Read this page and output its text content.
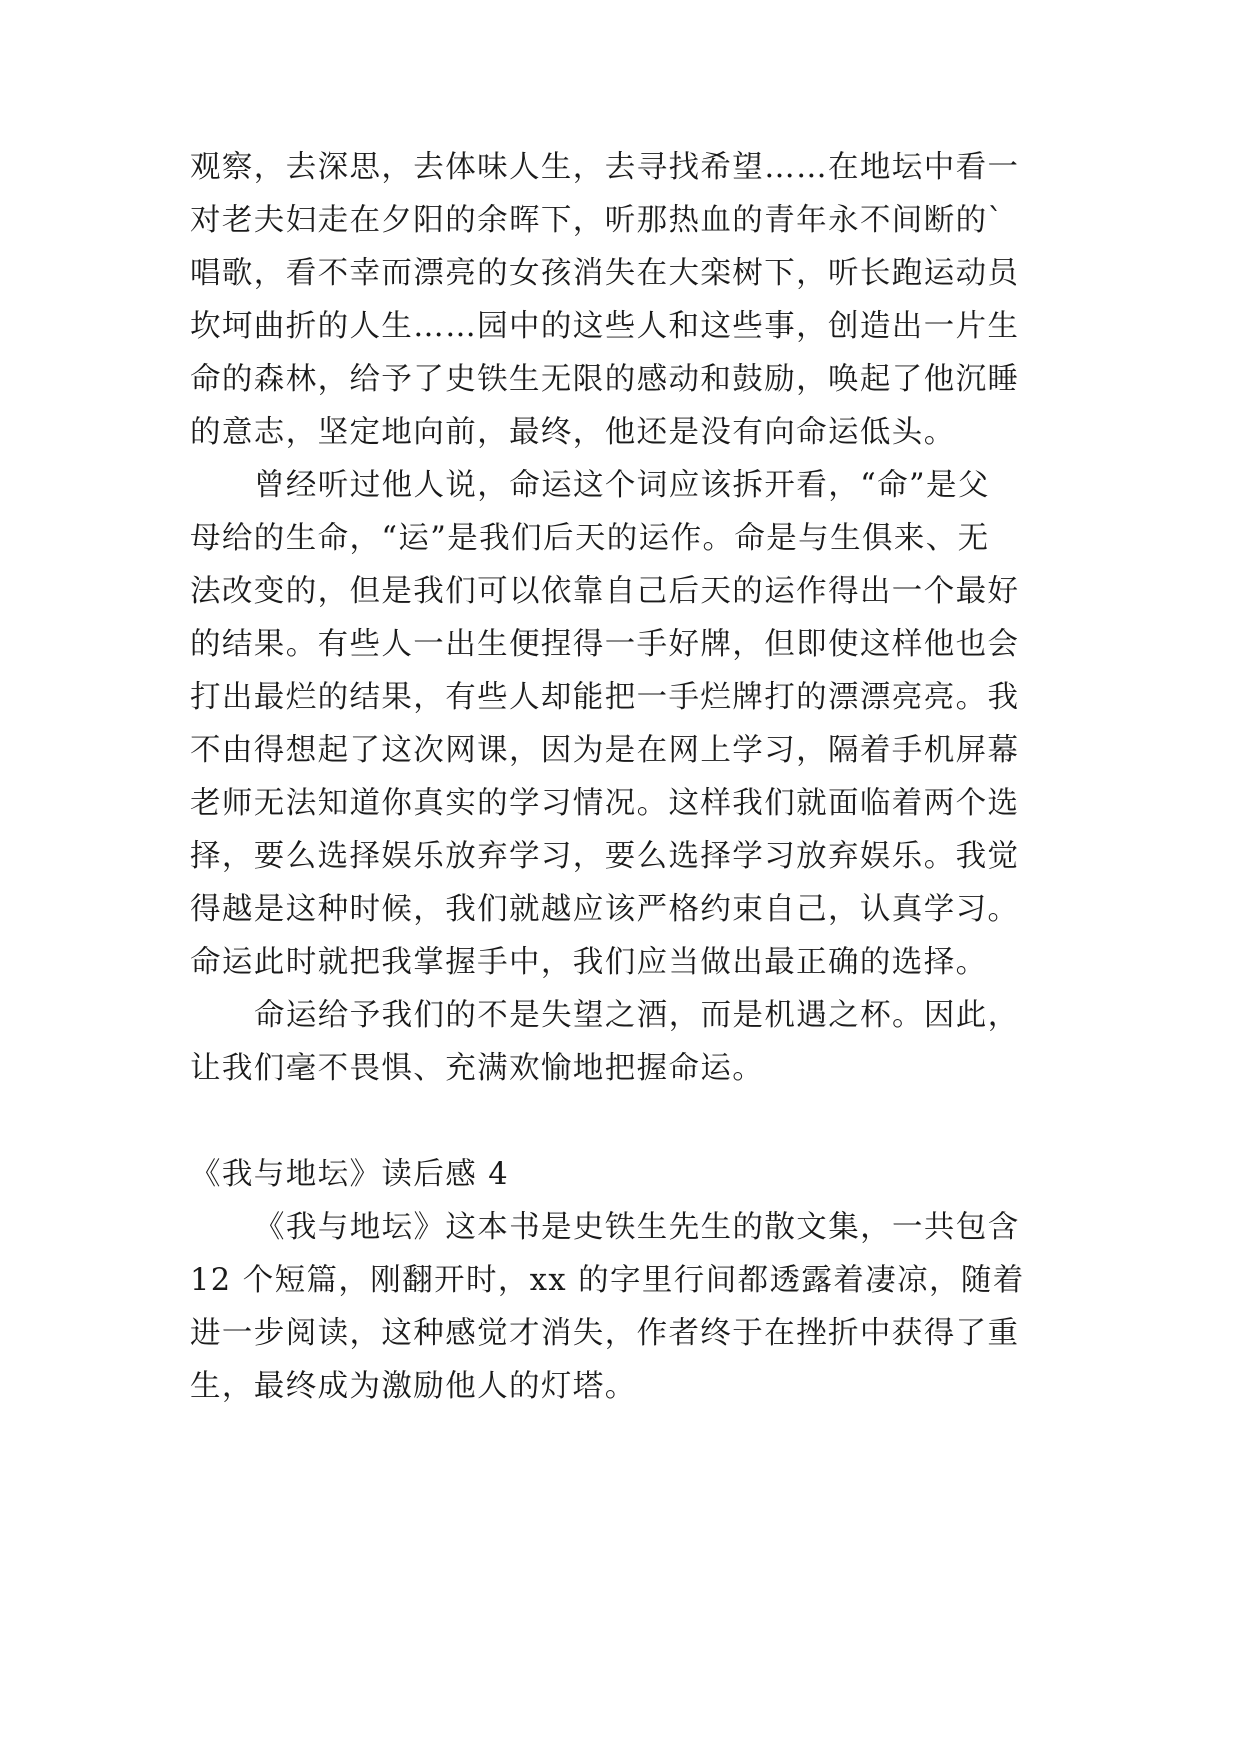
观察，去深思，去体味人生，去寻找希望……在地坛中看一
对老夫妇走在夕阳的余晖下，听那热血的青年永不间断的`
唱歌，看不幸而漂亮的女孩消失在大栾树下，听长跑运动员
坎坷曲折的人生……园中的这些人和这些事，创造出一片生
命的森林，给予了史铁生无限的感动和鼓励，唤起了他沉睡
的意志，坚定地向前，最终，他还是没有向命运低头。
曾经听过他人说，命运这个词应该拆开看，“命”是父
母给的生命，“运”是我们后天的运作。命是与生俱来、无
法改变的，但是我们可以依靠自己后天的运作得出一个最好
的结果。有些人一出生便捏得一手好牌，但即使这样他也会
打出最烂的结果，有些人却能把一手烂牌打的漂漂亮亮。我
不由得想起了这次网课，因为是在网上学习，隔着手机屏幕
老师无法知道你真实的学习情况。这样我们就面临着两个选
择，要么选择娱乐放弃学习，要么选择学习放弃娱乐。我觉
得越是这种时候，我们就越应该严格约束自己，认真学习。
命运此时就把我掌握手中，我们应当做出最正确的选择。
命运给予我们的不是失望之酒，而是机遇之杯。因此，
让我们毫不畏惧、充满欢愉地把握命运。
《我与地坛》读后感 4
《我与地坛》这本书是史铁生先生的散文集，一共包含
12 个短篇，刚翻开时，xx 的字里行间都透露着凄凉，随着
进一步阅读，这种感觉才消失，作者终于在挫折中获得了重
生，最终成为激励他人的灯塔。
